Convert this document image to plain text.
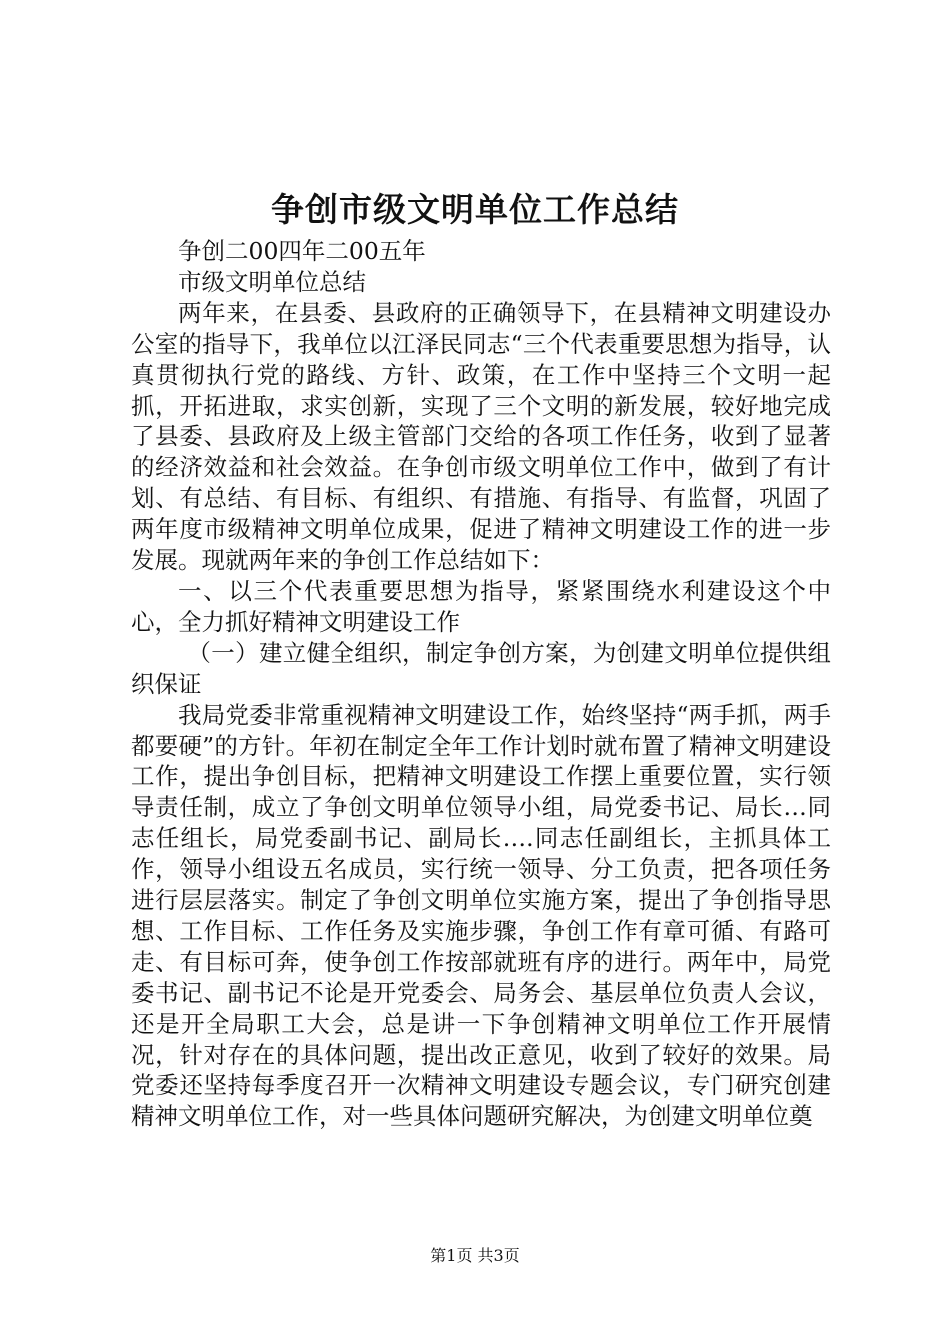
争创市级文明单位工作总结

争创二00四年二00五年

市级文明单位总结

两年来，在县委、县政府的正确领导下，在县精神文明建设办公室的指导下，我单位以江泽民同志“三个代表重要思想为指导，认真贯彻执行党的路线、方针、政策，在工作中坚持三个文明一起抓，开拓进取，求实创新，实现了三个文明的新发展，较好地完成了县委、县政府及上级主管部门交给的各项工作任务，收到了显著的经济效益和社会效益。在争创市级文明单位工作中，做到了有计划、有总结、有目标、有组织、有措施、有指导、有监督，巩固了两年度市级精神文明单位成果，促进了精神文明建设工作的进一步发展。现就两年来的争创工作总结如下：

一、以三个代表重要思想为指导，紧紧围绕水利建设这个中心，全力抓好精神文明建设工作

（一）建立健全组织，制定争创方案，为创建文明单位提供组织保证

我局党委非常重视精神文明建设工作，始终坚持“两手抓，两手都要硬”的方针。年初在制定全年工作计划时就布置了精神文明建设工作，提出争创目标，把精神文明建设工作摆上重要位置，实行领导责任制，成立了争创文明单位领导小组，局党委书记、局长…同志任组长，局党委副书记、副局长….同志任副组长，主抓具体工作，领导小组设五名成员，实行统一领导、分工负责，把各项任务进行层层落实。制定了争创文明单位实施方案，提出了争创指导思想、工作目标、工作任务及实施步骤，争创工作有章可循、有路可走、有目标可奔，使争创工作按部就班有序的进行。两年中，局党委书记、副书记不论是开党委会、局务会、基层单位负责人会议，还是开全局职工大会，总是讲一下争创精神文明单位工作开展情况，针对存在的具体问题，提出改正意见，收到了较好的效果。局党委还坚持每季度召开一次精神文明建设专题会议，专门研究创建精神文明单位工作，对一些具体问题研究解决，为创建文明单位奠

第1页 共3页
